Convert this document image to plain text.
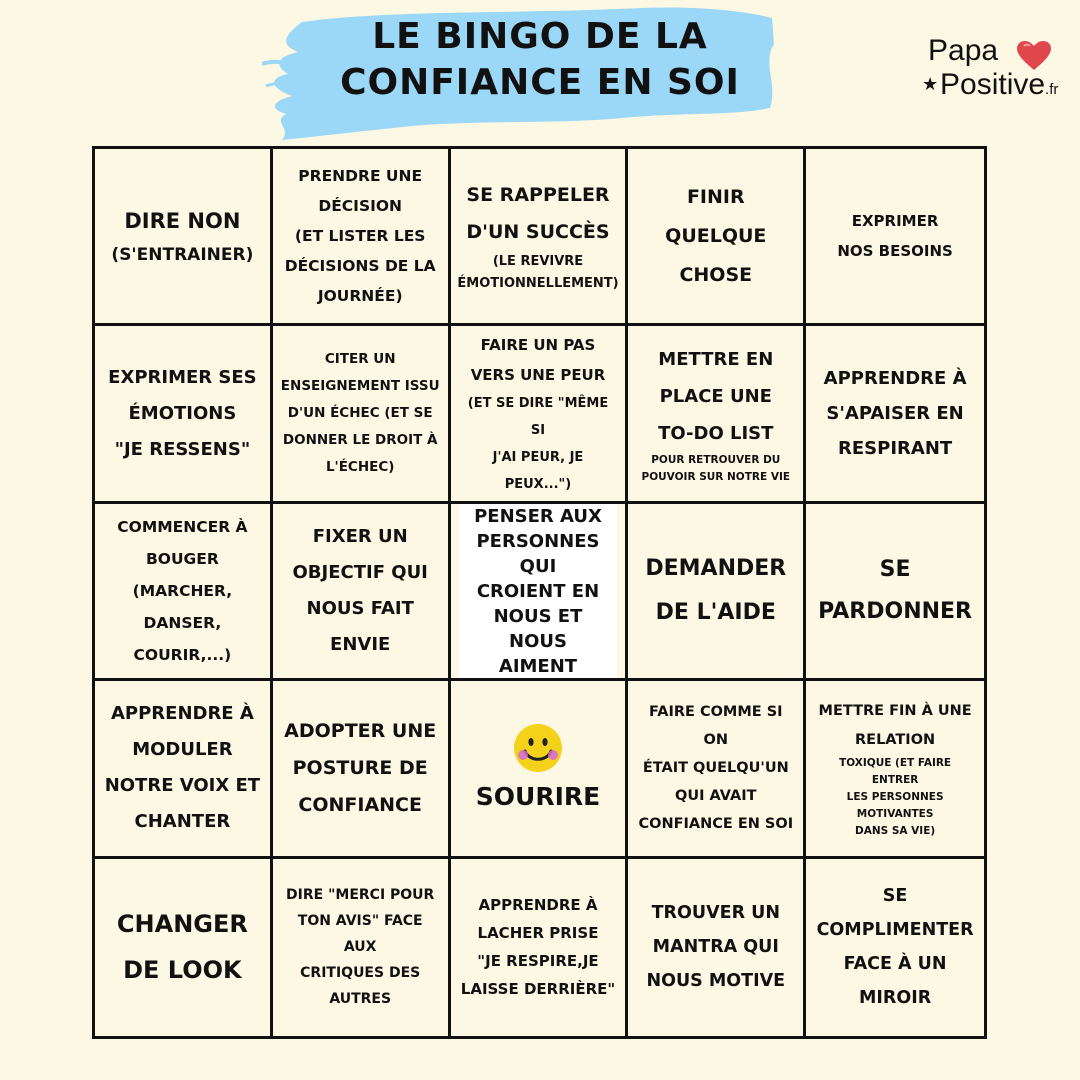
LE BINGO DE LA
CONFIANCE EN SOI
Papa
★ Positive.fr
DIRE NON
(S'ENTRAINER)
PRENDRE UNE
DÉCISION
(ET LISTER LES
DÉCISIONS DE LA
JOURNÉE)
SE RAPPELER
D'UN SUCCÈS
(LE REVIVRE
ÉMOTIONNELLEMENT)
FINIR
QUELQUE
CHOSE
EXPRIMER
NOS BESOINS
EXPRIMER SES
ÉMOTIONS
"JE RESSENS"
CITER UN
ENSEIGNEMENT ISSU
D'UN ÉCHEC (ET SE
DONNER LE DROIT À
L'ÉCHEC)
FAIRE UN PAS
VERS UNE PEUR
(ET SE DIRE "MÊME SI
J'AI PEUR, JE
PEUX...")
METTRE EN
PLACE UNE
TO-DO LIST
POUR RETROUVER DU
POUVOIR SUR NOTRE VIE
APPRENDRE À
S'APAISER EN
RESPIRANT
COMMENCER À
BOUGER
(MARCHER,
DANSER,
COURIR,...)
FIXER UN
OBJECTIF QUI
NOUS FAIT
ENVIE
PENSER AUX
PERSONNES QUI
CROIENT EN
NOUS ET NOUS
AIMENT
DEMANDER
DE L'AIDE
SE
PARDONNER
APPRENDRE À
MODULER
NOTRE VOIX ET
CHANTER
ADOPTER UNE
POSTURE DE
CONFIANCE	SOURIRE
FAIRE COMME SI ON
ÉTAIT QUELQU'UN
QUI AVAIT
CONFIANCE EN SOI
METTRE FIN À UNE
RELATION
TOXIQUE (ET FAIRE ENTRER
LES PERSONNES MOTIVANTES
DANS SA VIE)
CHANGER
DE LOOK
DIRE "MERCI POUR
TON AVIS" FACE AUX
CRITIQUES DES
AUTRES
APPRENDRE À
LACHER PRISE
"JE RESPIRE,JE
LAISSE DERRIÈRE"
TROUVER UN
MANTRA QUI
NOUS MOTIVE
SE
COMPLIMENTER
FACE À UN
MIROIR
